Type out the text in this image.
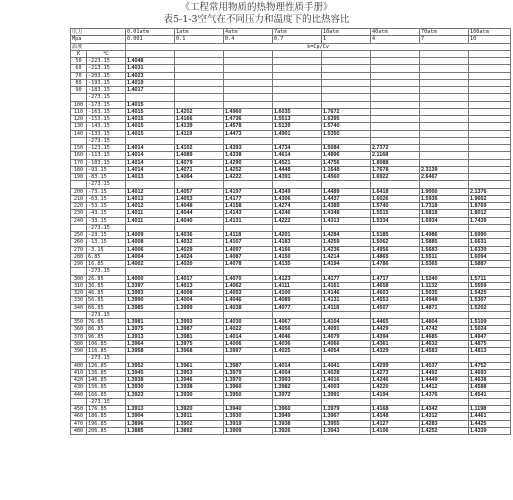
《工程常用物质的热物理性质手册》
表5-1-3空气在不同压力和温度下的比热容比
压力		0.01atm	1atm	4atm	7atm	10atm	40atm	70atm	100atm
Mpa		0.001	0.1	0.4	0.7	1	4	7	10
温度		k=Cp/Cv							
K	℃								
50	-223.15	1.4048							
60	-213.15	1.4031							
70	-203.15	1.4023							
80	-193.15	1.4019							
90	-183.15	1.4017							
	-273.15								
100	-173.15	1.4015							
110	-163.15	1.4015	1.4202	1.4960	1.6035	1.7672			
120	-153.15	1.4015	1.4166	1.4736	1.5513	1.6395			
130	-143.15	1.4015	1.4139	1.4578	1.5139	1.5740			
140	-133.15	1.4015	1.4119	1.4473	1.4901	1.5350			
	-273.15								
150	-123.15	1.4014	1.4102	1.4393	1.4734	1.5084	2.7372		
160	-113.15	1.4014	1.4089	1.4338	1.4614	1.4896	2.1168		
170	-103.15	1.4014	1.4079	1.4290	1.4521	1.4756	1.8088		
180	-93.15	1.4014	1.4071	1.4252	1.4448	1.1648	1.7678	2.3139	
190	-83.15	1.4013	1.4064	1.4222	1.4391	1.4560	1.6922	2.6467	
	-273.15								
200	-73.15	1.4012	1.4057	1.4197	1.4349	1.4489	1.6418	1.9000	2.1376
210	-63.15	1.4013	1.4053	1.4177	1.4306	1.4437	1.6026	1.5936	1.9602
220	-53.15	1.4012	1.4048	1.4158	1.4274	1.4389	1.5740	1.7318	1.8769
230	-43.15	1.4011	1.4044	1.4143	1.4246	1.4348	1.5515	1.6818	1.8012
240	-33.15	1.4011	1.4040	1.4131	1.4222	1.4313	1.5334	1.6934	1.7439
	-273.15								
250	-23.15	1.4009	1.4036	1.4118	1.4201	1.4284	1.5185	1.4986	1.6990
260	-13.15	1.4008	1.4032	1.4107	1.4183	1.4259	1.5062	1.5885	1.6631
270	-3.15	1.4006	1.4029	1.4097	1.4166	1.4236	1.4956	1.5683	1.6339
280	6.85	1.4004	1.4024	1.4087	1.4150	1.4214	1.4865	1.5511	1.6094
290	16.85	1.4002	1.4020	1.4078	1.4135	1.4194	1.4786	1.5365	1.5887
	-273.15								
300	26.85	1.4000	1.4017	1.4070	1.4123	1.4177	1.4717	1.5240	1.5711
310	36.85	1.3397	1.4013	1.4062	1.4111	1.4161	1.4658	1.1132	1.5559
320	46.85	1.3993	1.4008	1.4053	1.4100	1.4146	1.4603	1.5035	1.5425
330	56.85	1.3990	1.4004	1.4046	1.4089	1.4131	1.4553	1.4948	1.5307
340	66.85	1.3985	1.3999	1.4038	1.4077	1.4118	1.4507	1.4871	1.5202
	-273.15								
350	76.85	1.3981	1.3993	1.4030	1.4067	1.4104	1.4465	1.4804	1.5109
360	86.85	1.3975	1.3987	1.4022	1.4056	1.4091	1.4429	1.4742	1.5024
370	96.85	1.3913	1.3981	1.4014	1.4046	1.4079	1.4394	1.4685	1.4947
380	106.85	1.3964	1.3975	1.4006	1.4036	1.4066	1.4361	1.4632	1.4875
390	116.85	1.3958	1.3968	1.3997	1.4025	1.4054	1.4329	1.4583	1.4813
	-273.15								
400	126.85	1.3952	1.3961	1.3987	1.4014	1.4041	1.4299	1.4537	1.4752
410	136.85	1.3945	1.3953	1.3979	1.4004	1.4028	1.4273	1.4492	1.4693
420	146.85	1.3938	1.3946	1.3970	1.3993	1.4016	1.4246	1.4449	1.4638
430	156.85	1.3930	1.3938	1.3960	1.3982	1.4003	1.4220	1.4412	1.4588
440	166.85	1.3923	1.3930	1.3950	1.3972	1.3991	1.4194	1.4376	1.4541
	-273.15								
450	176.85	1.3913	1.3920	1.3940	1.3960	1.3979	1.4168	1.4342	1.1198
460	186.85	1.3904	1.3911	1.3930	1.3949	1.3967	1.4148	1.4312	1.4461
470	196.85	1.3896	1.3902	1.3919	1.3938	1.3955	1.4127	1.4283	1.4425
480	206.85	1.3885	1.3892	1.3909	1.3926	1.3943	1.4106	1.4252	1.4339
